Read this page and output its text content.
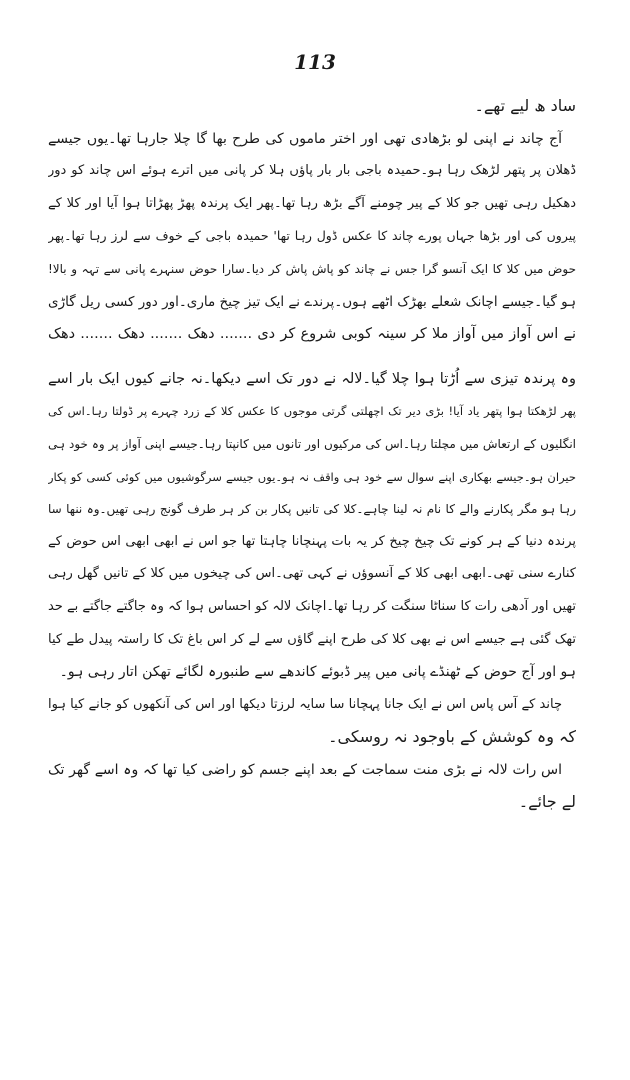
113
ساد ھ لیے تھے۔
آج چاند نے اپنی لو بڑھادی تھی اور اختر ماموں کی طرح بھا گا چلا جارہا تھا۔یوں جیسے
ڈھلان پر پتھر لڑھک رہا ہو۔حمیدہ باجی بار بار پاؤں ہلا کر پانی میں اترے ہوئے اس چاند کو دور
دھکیل رہی تھیں جو کلا کے پیر چومنے آگے بڑھ رہا تھا۔پھر ایک پرندہ پھڑ پھڑاتا ہوا آیا اور کلا کے
پیروں کی اور بڑھا جہاں پورے چاند کا عکس ڈول رہا تھا' حمیدہ باجی کے خوف سے لرز رہا تھا۔پھر
حوض میں کلا کا ایک آنسو گرا جس نے چاند کو پاش پاش کر دیا۔سارا حوض سنہرے پانی سے تہہ و بالا!
ہو گیا۔جیسے اچانک شعلے بھڑک اٹھے ہوں۔پرندے نے ایک تیز چیخ ماری۔اور دور کسی ریل گاڑی
نے اس آواز میں آواز ملا کر سینہ کوبی شروع کر دی ....... دھک ....... دھک ....... دھک
وہ پرندہ تیزی سے اُڑتا ہوا چلا گیا۔لالہ نے دور تک اسے دیکھا۔نہ جانے کیوں ایک بار اسے
پھر لڑھکتا ہوا پتھر یاد آیا! بڑی دیر تک اچھلتی گرتی موجوں کا عکس کلا کے زرد چہرے پر ڈولتا رہا۔اس کی
انگلیوں کے ارتعاش میں مچلتا رہا۔اس کی مرکیوں اور تانوں میں کانپتا رہا۔جیسے اپنی آواز پر وہ خود ہی
حیران ہو۔جیسے بھکاری اپنے سوال سے خود ہی واقف نہ ہو۔یوں جیسے سرگوشیوں میں کوئی کسی کو پکار
رہا ہو مگر پکارنے والے کا نام نہ لینا چاہے۔کلا کی تانیں پکار بن کر ہر طرف گونج رہی تھیں۔وہ ننھا سا
پرندہ دنیا کے ہر کونے تک چیخ چیخ کر یہ بات پہنچانا چاہتا تھا جو اس نے ابھی ابھی اس حوض کے
کنارے سنی تھی۔ابھی ابھی کلا کے آنسوؤں نے کہی تھی۔اس کی چیخوں میں کلا کے تانیں گھل رہی
تھیں اور آدھی رات کا سناٹا سنگت کر رہا تھا۔اچانک لالہ کو احساس ہوا کہ وہ جاگتے جاگتے بے حد
تھک گئی ہے جیسے اس نے بھی کلا کی طرح اپنے گاؤں سے لے کر اس باغ تک کا راستہ پیدل طے کیا
ہو اور آج حوض کے ٹھنڈے پانی میں پیر ڈبوئے کاندھے سے طنبورہ لگائے تھکن اتار رہی ہو۔
چاند کے آس پاس اس نے ایک جانا پہچانا سا سایہ لرزتا دیکھا اور اس کی آنکھوں کو جانے کیا ہوا
کہ وہ کوشش کے باوجود نہ روسکی۔
اس رات لالہ نے بڑی منت سماجت کے بعد اپنے جسم کو راضی کیا تھا کہ وہ اسے گھر تک
لے جائے۔
